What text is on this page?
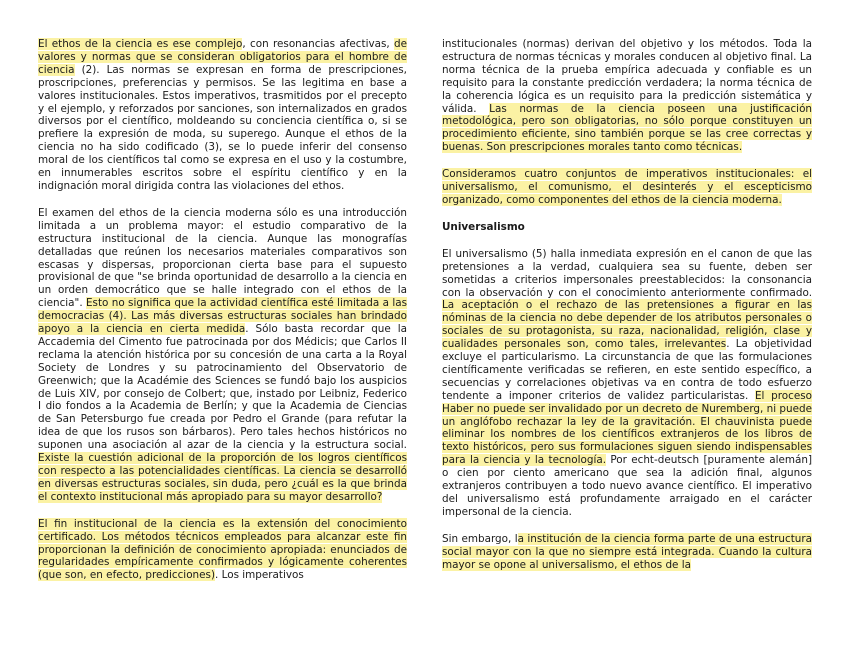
El ethos de la ciencia es ese complejo, con resonancias afectivas, de valores y normas que se consideran obligatorios para el hombre de ciencia (2). Las normas se expresan en forma de prescripciones, proscripciones, preferencias y permisos. Se las legitima en base a valores institucionales. Estos imperativos, trasmitidos por el precepto y el ejemplo, y reforzados por sanciones, son internalizados en grados diversos por el científico, moldeando su conciencia científica o, si se prefiere la expresión de moda, su superego. Aunque el ethos de la ciencia no ha sido codificado (3), se lo puede inferir del consenso moral de los científicos tal como se expresa en el uso y la costumbre, en innumerables escritos sobre el espíritu científico y en la indignación moral dirigida contra las violaciones del ethos.

El examen del ethos de la ciencia moderna sólo es una introducción limitada a un problema mayor: el estudio comparativo de la estructura institucional de la ciencia. Aunque las monografías detalladas que reúnen los necesarios materiales comparativos son escasas y dispersas, proporcionan cierta base para el supuesto provisional de que "se brinda oportunidad de desarrollo a la ciencia en un orden democrático que se halle integrado con el ethos de la ciencia". Esto no significa que la actividad científica esté limitada a las democracias (4). Las más diversas estructuras sociales han brindado apoyo a la ciencia en cierta medida. Sólo basta recordar que la Accademia del Cimento fue patrocinada por dos Médicis; que Carlos II reclama la atención histórica por su concesión de una carta a la Royal Society de Londres y su patrocinamiento del Observatorio de Greenwich; que la Académie des Sciences se fundó bajo los auspicios de Luis XIV, por consejo de Colbert; que, instado por Leibniz, Federico I dio fondos a la Academia de Berlín; y que la Academia de Ciencias de San Petersburgo fue creada por Pedro el Grande (para refutar la idea de que los rusos son bárbaros). Pero tales hechos históricos no suponen una asociación al azar de la ciencia y la estructura social. Existe la cuestión adicional de la proporción de los logros científicos con respecto a las potencialidades científicas. La ciencia se desarrolló en diversas estructuras sociales, sin duda, pero ¿cuál es la que brinda el contexto institucional más apropiado para su mayor desarrollo?

El fin institucional de la ciencia es la extensión del conocimiento certificado. Los métodos técnicos empleados para alcanzar este fin proporcionan la definición de conocimiento apropiada: enunciados de regularidades empíricamente confirmados y lógicamente coherentes (que son, en efecto, predicciones). Los imperativos

institucionales (normas) derivan del objetivo y los métodos. Toda la estructura de normas técnicas y morales conducen al objetivo final. La norma técnica de la prueba empírica adecuada y confiable es un requisito para la constante predicción verdadera; la norma técnica de la coherencia lógica es un requisito para la predicción sistemática y válida. Las normas de la ciencia poseen una justificación metodológica, pero son obligatorias, no sólo porque constituyen un procedimiento eficiente, sino también porque se las cree correctas y buenas. Son prescripciones morales tanto como técnicas.

Consideramos cuatro conjuntos de imperativos institucionales: el universalismo, el comunismo, el desinterés y el escepticismo organizado, como componentes del ethos de la ciencia moderna.

Universalismo

El universalismo (5) halla inmediata expresión en el canon de que las pretensiones a la verdad, cualquiera sea su fuente, deben ser sometidas a criterios impersonales preestablecidos: la consonancia con la observación y con el conocimiento anteriormente confirmado. La aceptación o el rechazo de las pretensiones a figurar en las nóminas de la ciencia no debe depender de los atributos personales o sociales de su protagonista, su raza, nacionalidad, religión, clase y cualidades personales son, como tales, irrelevantes. La objetividad excluye el particularismo. La circunstancia de que las formulaciones científicamente verificadas se refieren, en este sentido específico, a secuencias y correlaciones objetivas va en contra de todo esfuerzo tendente a imponer criterios de validez particularistas. El proceso Haber no puede ser invalidado por un decreto de Nuremberg, ni puede un anglófobo rechazar la ley de la gravitación. El chauvinista puede eliminar los nombres de los científicos extranjeros de los libros de texto históricos, pero sus formulaciones siguen siendo indispensables para la ciencia y la tecnología. Por echt-deutsch [puramente alemán] o cien por ciento americano que sea la adición final, algunos extranjeros contribuyen a todo nuevo avance científico. El imperativo del universalismo está profundamente arraigado en el carácter impersonal de la ciencia.

Sin embargo, la institución de la ciencia forma parte de una estructura social mayor con la que no siempre está integrada. Cuando la cultura mayor se opone al universalismo, el ethos de la
